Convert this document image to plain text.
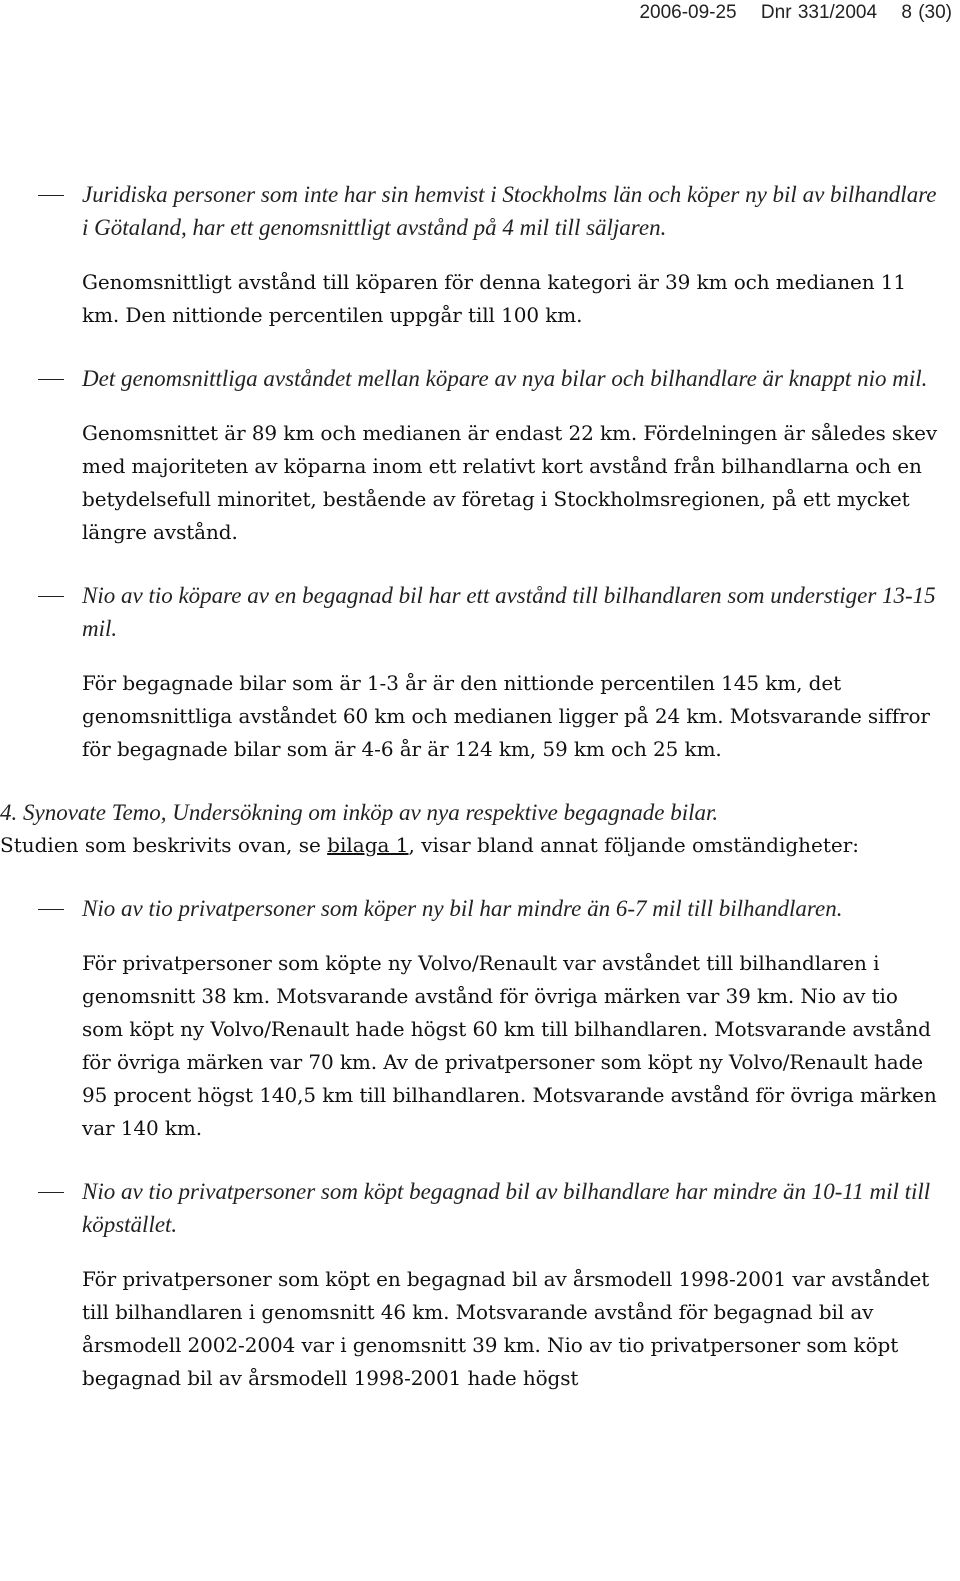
2006-09-25 Dnr 331/2004 8 (30)
Juridiska personer som inte har sin hemvist i Stockholms län och köper ny bil av bilhandlare i Götaland, har ett genomsnittligt avstånd på 4 mil till säljaren.
Genomsnittligt avstånd till köparen för denna kategori är 39 km och medianen 11 km. Den nittionde percentilen uppgår till 100 km.
Det genomsnittliga avståndet mellan köpare av nya bilar och bilhandlare är knappt nio mil.
Genomsnittet är 89 km och medianen är endast 22 km. Fördelningen är således skev med majoriteten av köparna inom ett relativt kort avstånd från bilhandlarna och en betydelsefull minoritet, bestående av företag i Stockholmsregionen, på ett mycket längre avstånd.
Nio av tio köpare av en begagnad bil har ett avstånd till bilhandlaren som understiger 13-15 mil.
För begagnade bilar som är 1-3 år är den nittionde percentilen 145 km, det genomsnittliga avståndet 60 km och medianen ligger på 24 km. Motsvarande siffror för begagnade bilar som är 4-6 år är 124 km, 59 km och 25 km.
4. Synovate Temo, Undersökning om inköp av nya respektive begagnade bilar.
Studien som beskrivits ovan, se bilaga 1, visar bland annat följande omständigheter:
Nio av tio privatpersoner som köper ny bil har mindre än 6-7 mil till bilhandlaren.
För privatpersoner som köpte ny Volvo/Renault var avståndet till bilhandlaren i genomsnitt 38 km. Motsvarande avstånd för övriga märken var 39 km. Nio av tio som köpt ny Volvo/Renault hade högst 60 km till bilhandlaren. Motsvarande avstånd för övriga märken var 70 km. Av de privatpersoner som köpt ny Volvo/Renault hade 95 procent högst 140,5 km till bilhandlaren. Motsvarande avstånd för övriga märken var 140 km.
Nio av tio privatpersoner som köpt begagnad bil av bilhandlare har mindre än 10-11 mil till köpstället.
För privatpersoner som köpt en begagnad bil av årsmodell 1998-2001 var avståndet till bilhandlaren i genomsnitt 46 km. Motsvarande avstånd för begagnad bil av årsmodell 2002-2004 var i genomsnitt 39 km. Nio av tio privatpersoner som köpt begagnad bil av årsmodell 1998-2001 hade högst
